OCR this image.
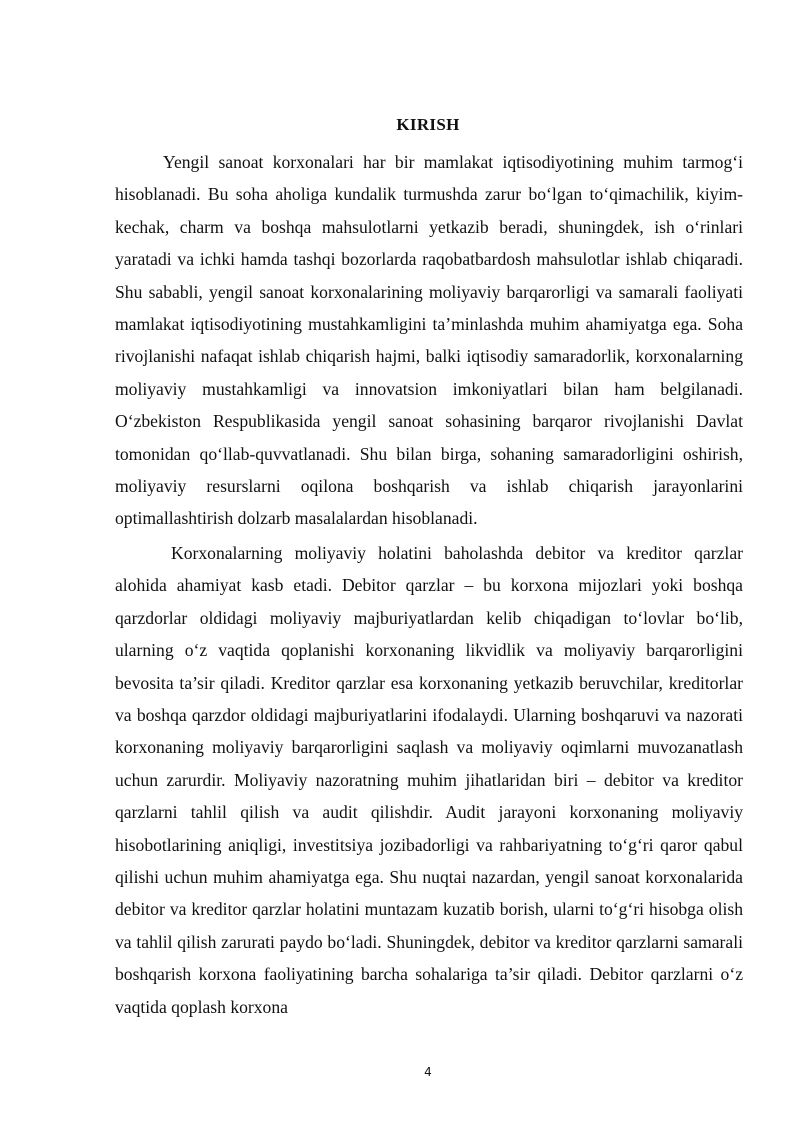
KIRISH

Yengil sanoat korxonalari har bir mamlakat iqtisodiyotining muhim tarmog‘i hisoblanadi. Bu soha aholiga kundalik turmushda zarur bo‘lgan to‘qimachilik, kiyim-kechak, charm va boshqa mahsulotlarni yetkazib beradi, shuningdek, ish o‘rinlari yaratadi va ichki hamda tashqi bozorlarda raqobatbardosh mahsulotlar ishlab chiqaradi. Shu sababli, yengil sanoat korxonalarining moliyaviy barqarorligi va samarali faoliyati mamlakat iqtisodiyotining mustahkamligini ta’minlashda muhim ahamiyatga ega. Soha rivojlanishi nafaqat ishlab chiqarish hajmi, balki iqtisodiy samaradorlik, korxonalarning moliyaviy mustahkamligi va innovatsion imkoniyatlari bilan ham belgilanadi. O‘zbekiston Respublikasida yengil sanoat sohasining barqaror rivojlanishi Davlat tomonidan qo‘llab-quvvatlanadi. Shu bilan birga, sohaning samaradorligini oshirish, moliyaviy resurslarni oqilona boshqarish va ishlab chiqarish jarayonlarini optimallashtirish dolzarb masalalardan hisoblanadi.

Korxonalarning moliyaviy holatini baholashda debitor va kreditor qarzlar alohida ahamiyat kasb etadi. Debitor qarzlar – bu korxona mijozlari yoki boshqa qarzdorlar oldidagi moliyaviy majburiyatlardan kelib chiqadigan to‘lovlar bo‘lib, ularning o‘z vaqtida qoplanishi korxonaning likvidlik va moliyaviy barqarorligini bevosita ta’sir qiladi. Kreditor qarzlar esa korxonaning yetkazib beruvchilar, kreditorlar va boshqa qarzdor oldidagi majburiyatlarini ifodalaydi. Ularning boshqaruvi va nazorati korxonaning moliyaviy barqarorligini saqlash va moliyaviy oqimlarni muvozanatlash uchun zarurdir. Moliyaviy nazoratning muhim jihatlaridan biri – debitor va kreditor qarzlarni tahlil qilish va audit qilishdir. Audit jarayoni korxonaning moliyaviy hisobotlarining aniqligi, investitsiya jozibadorligi va rahbariyatning to‘g‘ri qaror qabul qilishi uchun muhim ahamiyatga ega. Shu nuqtai nazardan, yengil sanoat korxonalarida debitor va kreditor qarzlar holatini muntazam kuzatib borish, ularni to‘g‘ri hisobga olish va tahlil qilish zarurati paydo bo‘ladi. Shuningdek, debitor va kreditor qarzlarni samarali boshqarish korxona faoliyatining barcha sohalariga ta’sir qiladi. Debitor qarzlarni o‘z vaqtida qoplash korxona

4
